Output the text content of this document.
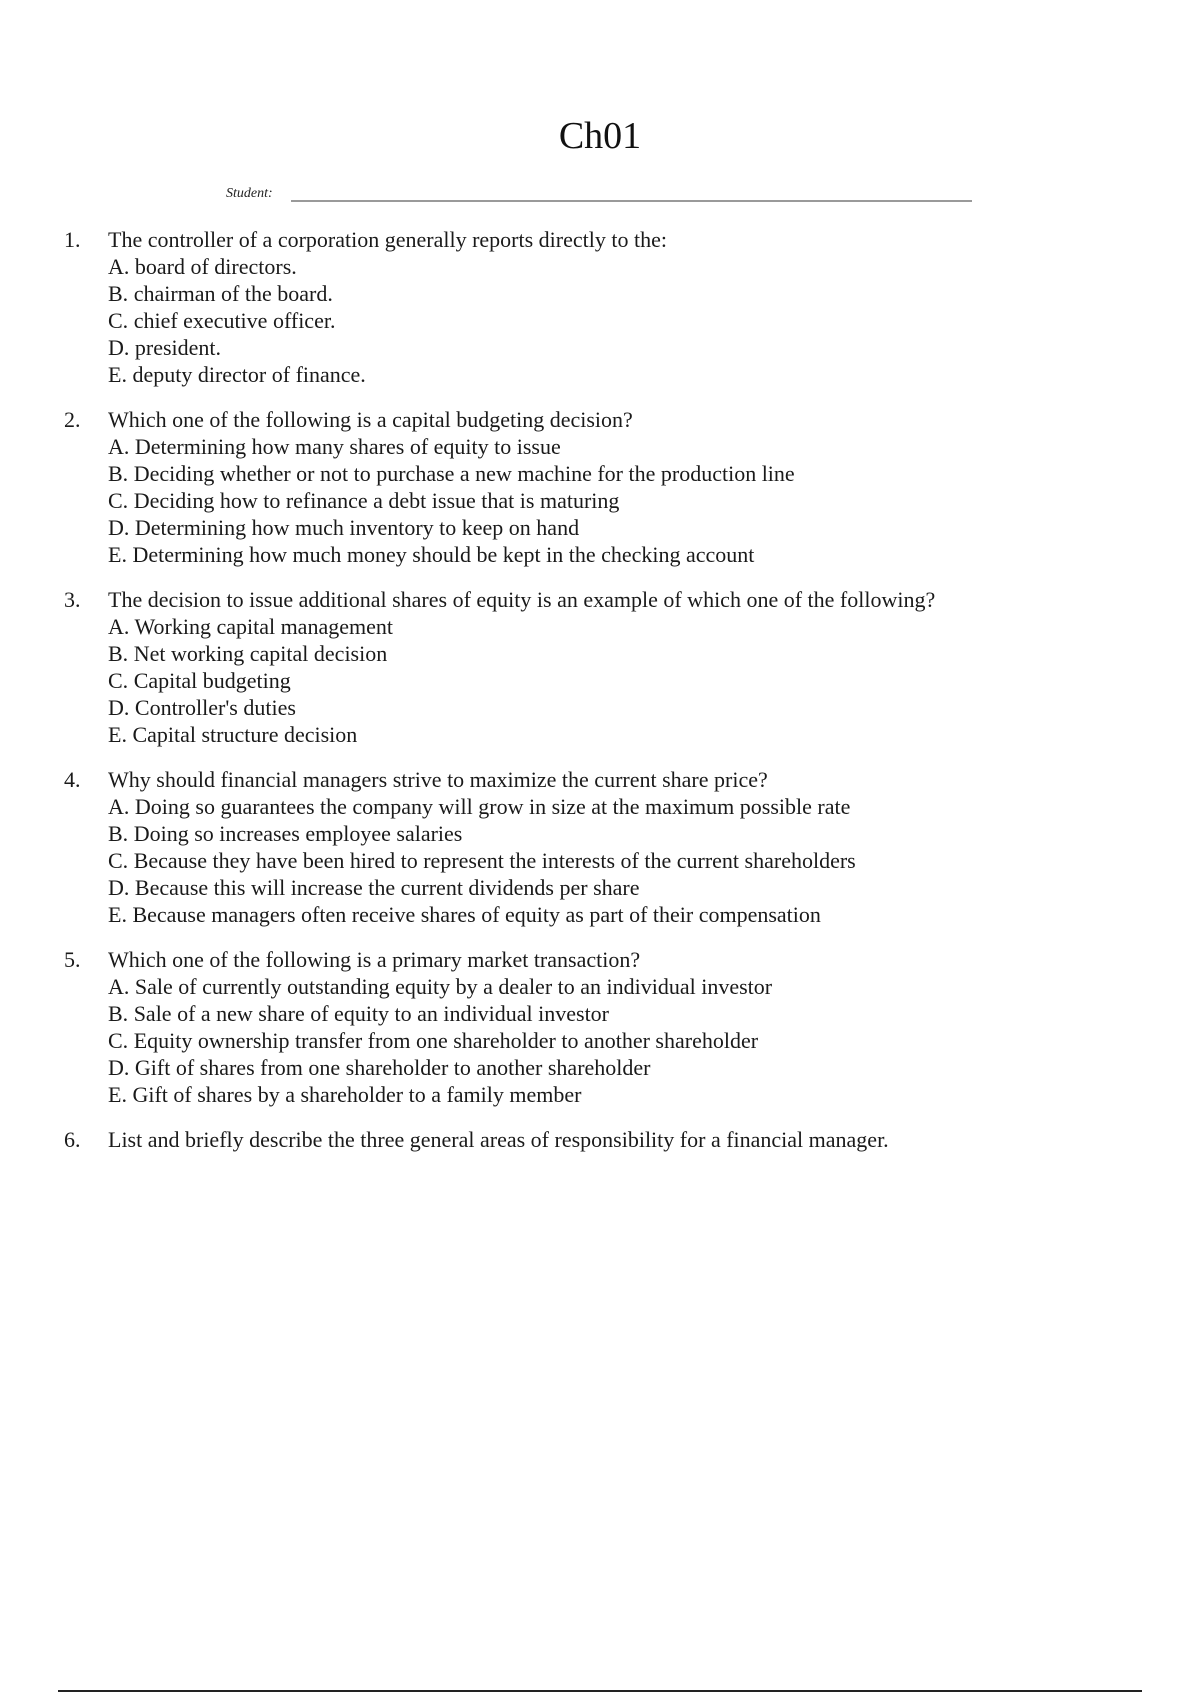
Ch01
Student:
1.	The controller of a corporation generally reports directly to the:
A. board of directors.
B. chairman of the board.
C. chief executive officer.
D. president.
E. deputy director of finance.
2.	Which one of the following is a capital budgeting decision?
A. Determining how many shares of equity to issue
B. Deciding whether or not to purchase a new machine for the production line
C. Deciding how to refinance a debt issue that is maturing
D. Determining how much inventory to keep on hand
E. Determining how much money should be kept in the checking account
3.	The decision to issue additional shares of equity is an example of which one of the following?
A. Working capital management
B. Net working capital decision
C. Capital budgeting
D. Controller's duties
E. Capital structure decision
4.	Why should financial managers strive to maximize the current share price?
A. Doing so guarantees the company will grow in size at the maximum possible rate
B. Doing so increases employee salaries
C. Because they have been hired to represent the interests of the current shareholders
D. Because this will increase the current dividends per share
E. Because managers often receive shares of equity as part of their compensation
5.	Which one of the following is a primary market transaction?
A. Sale of currently outstanding equity by a dealer to an individual investor
B. Sale of a new share of equity to an individual investor
C. Equity ownership transfer from one shareholder to another shareholder
D. Gift of shares from one shareholder to another shareholder
E. Gift of shares by a shareholder to a family member
6.	List and briefly describe the three general areas of responsibility for a financial manager.
